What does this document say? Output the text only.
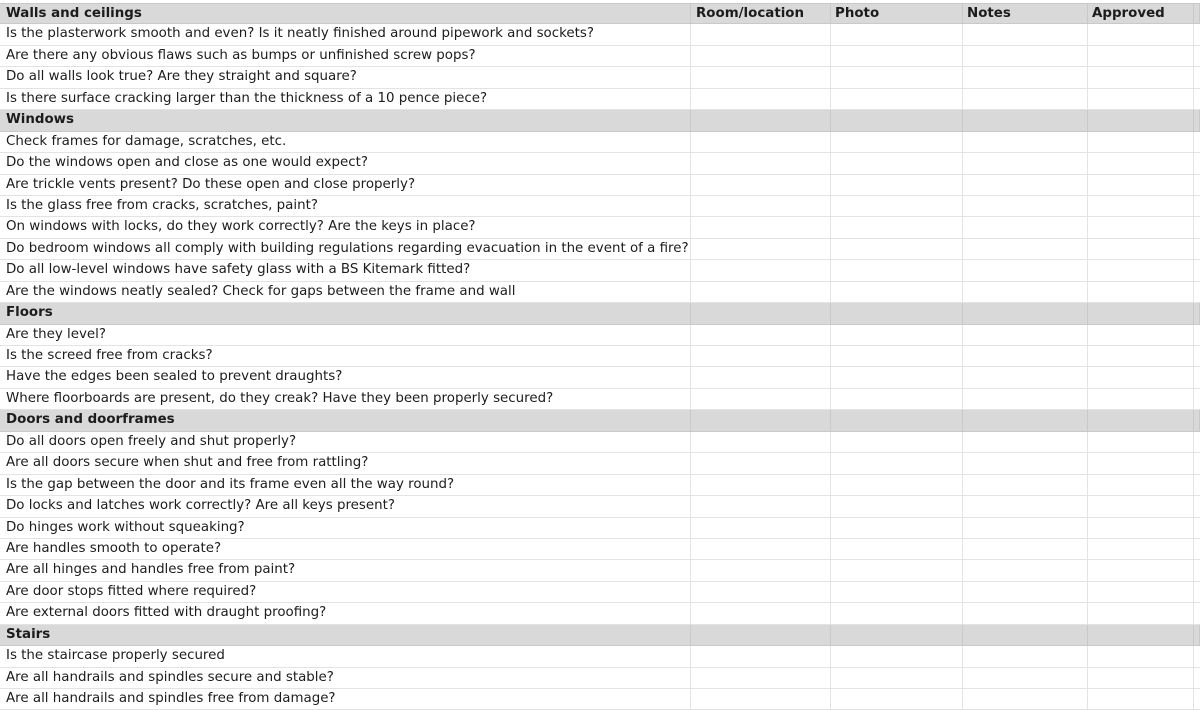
Walls and ceilings	Room/location	Photo	Notes	Approved
Is the plasterwork smooth and even? Is it neatly finished around pipework and sockets?
Are there any obvious flaws such as bumps or unfinished screw pops?
Do all walls look true? Are they straight and square?
Is there surface cracking larger than the thickness of a 10 pence piece?
Windows
Check frames for damage, scratches, etc.
Do the windows open and close as one would expect?
Are trickle vents present? Do these open and close properly?
Is the glass free from cracks, scratches, paint?
On windows with locks, do they work correctly? Are the keys in place?
Do bedroom windows all comply with building regulations regarding evacuation in the event of a fire?
Do all low-level windows have safety glass with a BS Kitemark fitted?
Are the windows neatly sealed? Check for gaps between the frame and wall
Floors
Are they level?
Is the screed free from cracks?
Have the edges been sealed to prevent draughts?
Where floorboards are present, do they creak? Have they been properly secured?
Doors and doorframes
Do all doors open freely and shut properly?
Are all doors secure when shut and free from rattling?
Is the gap between the door and its frame even all the way round?
Do locks and latches work correctly? Are all keys present?
Do hinges work without squeaking?
Are handles smooth to operate?
Are all hinges and handles free from paint?
Are door stops fitted where required?
Are external doors fitted with draught proofing?
Stairs
Is the staircase properly secured
Are all handrails and spindles secure and stable?
Are all handrails and spindles free from damage?
